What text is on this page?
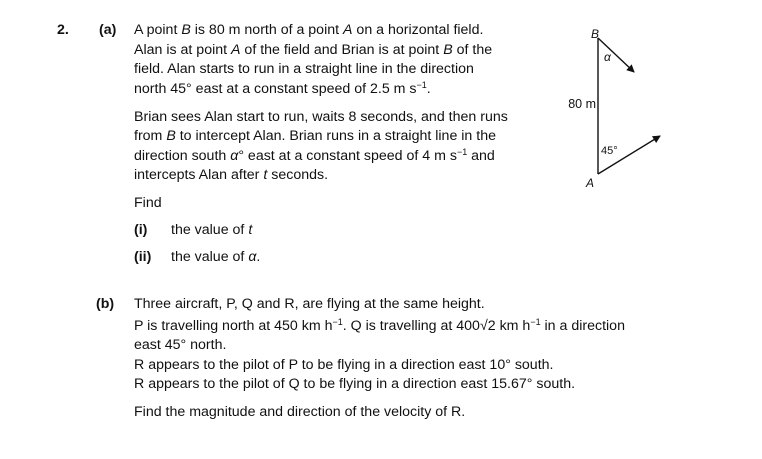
2. (a) A point B is 80 m north of a point A on a horizontal field.
Alan is at point A of the field and Brian is at point B of the
field. Alan starts to run in a straight line in the direction
north 45° east at a constant speed of 2.5 m $s^{-1}$.
Brian sees Alan start to run, waits 8 seconds, and then runs
from B to intercept Alan. Brian runs in a straight line in the
direction south α° east at a constant speed of 4 m $s^{-1}$ and
intercepts Alan after t seconds.
Find
(i) the value of t
(ii) the value of α.
B
A
80 m
α
45°
(b) Three aircraft, P, Q and R, are flying at the same height.
P is travelling north at 450 km $h^{-1}$. Q is travelling at 400√2 km $h^{-1}$ in a direction
east 45° north.
R appears to the pilot of P to be flying in a direction east 10° south.
R appears to the pilot of Q to be flying in a direction east 15.67° south.
Find the magnitude and direction of the velocity of R.
